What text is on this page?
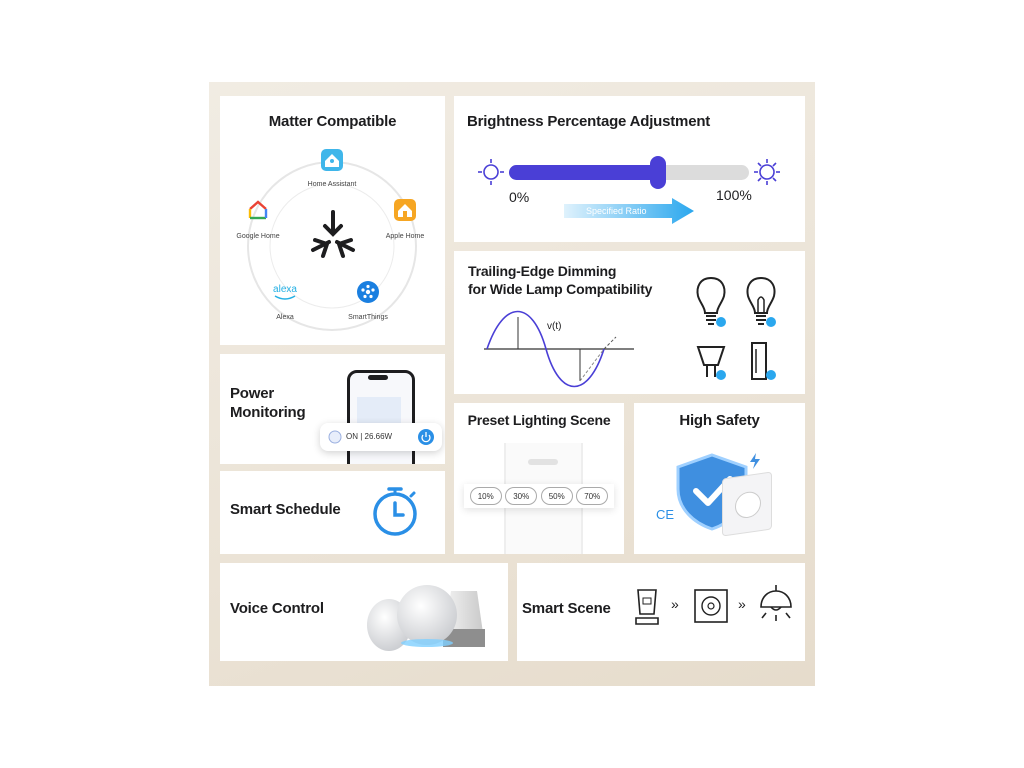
Matter Compatible
Home Assistant
Apple Home
SmartThings
alexa
Alexa
Google Home
Brightness Percentage Adjustment
0%	100%
Specified Ratio
Trailing-Edge Dimming
for Wide Lamp Compatibility
v(t)
Power
Monitoring
ON | 26.66W
Smart Schedule
Preset Lighting Scene
10%	30%	50%	70%
High Safety
CE
Voice Control	Smart Scene	»	»
